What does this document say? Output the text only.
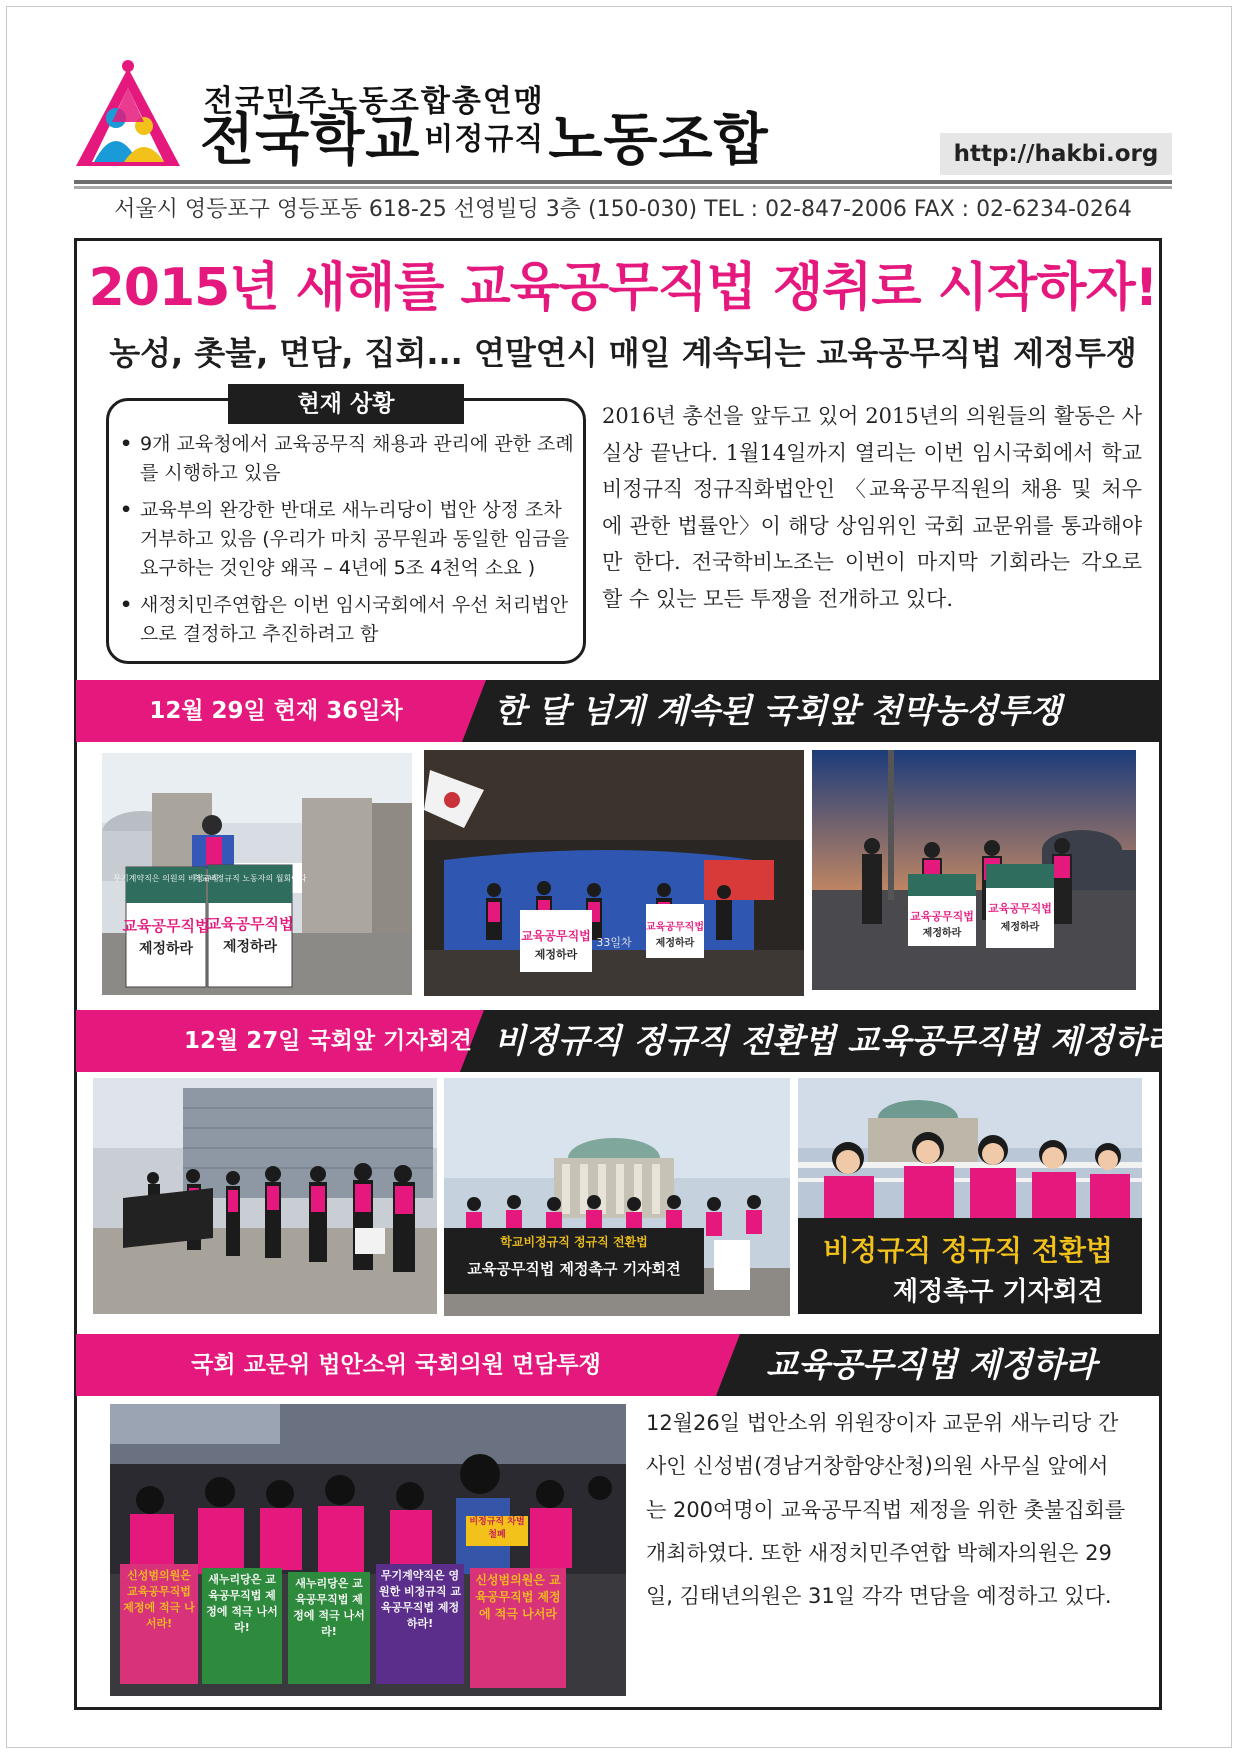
전국민주노동조합총연맹
전국학교 비정규직노동조합	http://hakbi.org
서울시 영등포구 영등포동 618-25 선영빌딩 3층 (150-030) TEL : 02-847-2006 FAX : 02-6234-0264
2015년 새해를 교육공무직법 쟁취로 시작하자!
농성, 촛불, 면담, 집회... 연말연시 매일 계속되는 교육공무직법 제정투쟁
현재 상황
• 9개 교육청에서 교육공무직 채용과 관리에 관한 조례를 시행하고 있음
• 교육부의 완강한 반대로 새누리당이 법안 상정 조차 거부하고 있음 (우리가 마치 공무원과 동일한 임금을 요구하는 것인양 왜곡 – 4년에 5조 4천억 소요 )
• 새정치민주연합은 이번 임시국회에서 우선 처리법안으로 결정하고 추진하려고 함
2016년 총선을 앞두고 있어 2015년의 의원들의 활동은 사실상 끝난다. 1월14일까지 열리는 이번 임시국회에서 학교비정규직 정규직화법안인 〈교육공무직원의 채용 및 처우에 관한 법률안〉이 해당 상임위인 국회 교문위를 통과해야만 한다. 전국학비노조는 이번이 마지막 기회라는 각오로 할 수 있는 모든 투쟁을 전개하고 있다.
12월 29일 현재 36일차	한 달 넘게 계속된 국회앞 천막농성투쟁
무기계약직은 의원의 비정규직
교육공무직법
제정하라
학교비정규직 노동자의 월회이다
교육공무직법
제정하라
교육공무직법
제정하라
교육공무직법
제정하라
33일차
교육공무직법
제정하라
교육공무직법
제정하라
12월 27일 국회앞 기자회견 비정규직 정규직 전환법 교육공무직법 제정하라!
학교비정규직 정규직 전환법
교육공무직법 제정촉구 기자회견
비정규직 정규직 전환법
제정촉구 기자회견
국회 교문위 법안소위 국회의원 면담투쟁	교육공무직법 제정하라
신성범의원은 교육공무직법 제정에 적극 나서라!
새누리당은 교육공무직법 제정에 적극 나서라!
새누리당은 교육공무직법 제정에 적극 나서라!
무기계약직은 영원한 비정규직 교육공무직법 제정하라!
신성범의원은 교육공무직법 제정에 적극 나서라
비정규직 차별철폐
12월26일 법안소위 위원장이자 교문위 새누리당 간사인 신성범(경남거창함양산청)의원 사무실 앞에서는 200여명이 교육공무직법 제정을 위한 촛불집회를 개최하였다. 또한 새정치민주연합 박혜자의원은 29일, 김태년의원은 31일 각각 면담을 예정하고 있다.
